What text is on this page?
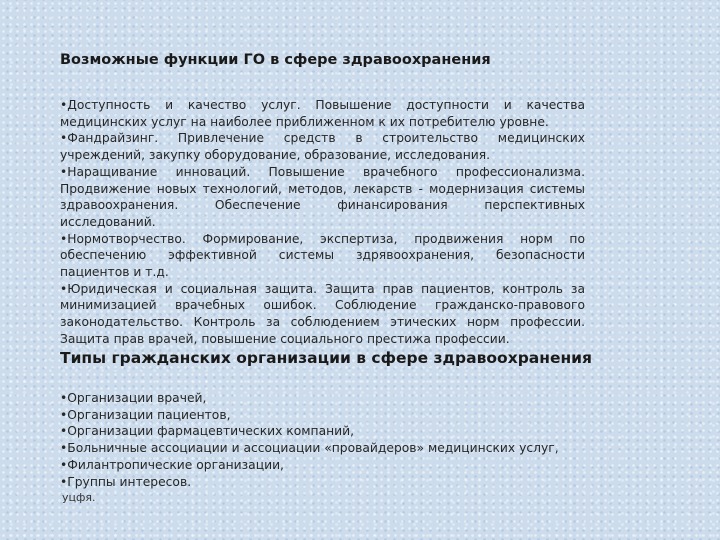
Возможные функции ГО в сфере здравоохранения

•Доступность и качество услуг. Повышение доступности и качества медицинских услуг на наиболее приближенном к их потребителю уровне.

•Фандрайзинг. Привлечение средств в строительство медицинских учреждений, закупку оборудование, образование, исследования.

•Наращивание инноваций. Повышение врачебного профессионализма. Продвижение новых технологий, методов, лекарств - модернизация системы здравоохранения. Обеспечение финансирования перспективных исследований.

•Нормотворчество. Формирование, экспертиза, продвижения норм по обеспечению эффективной системы здрявоохранения, безопасности пациентов и т.д.

•Юридическая и социальная защита. Защита прав пациентов, контроль за минимизацией врачебных ошибок. Соблюдение гражданско-правового законодательство. Контроль за соблюдением этических норм профессии. Защита прав врачей, повышение социального престижа профессии.

Типы гражданских организации в сфере здравоохранения

•Организации врачей,

•Организации пациентов,

•Организации фармацевтических компаний,

•Больничные ассоциации и ассоциации «провайдеров» медицинских услуг,

•Филантропические организации,

•Группы интересов.

уцфя.
